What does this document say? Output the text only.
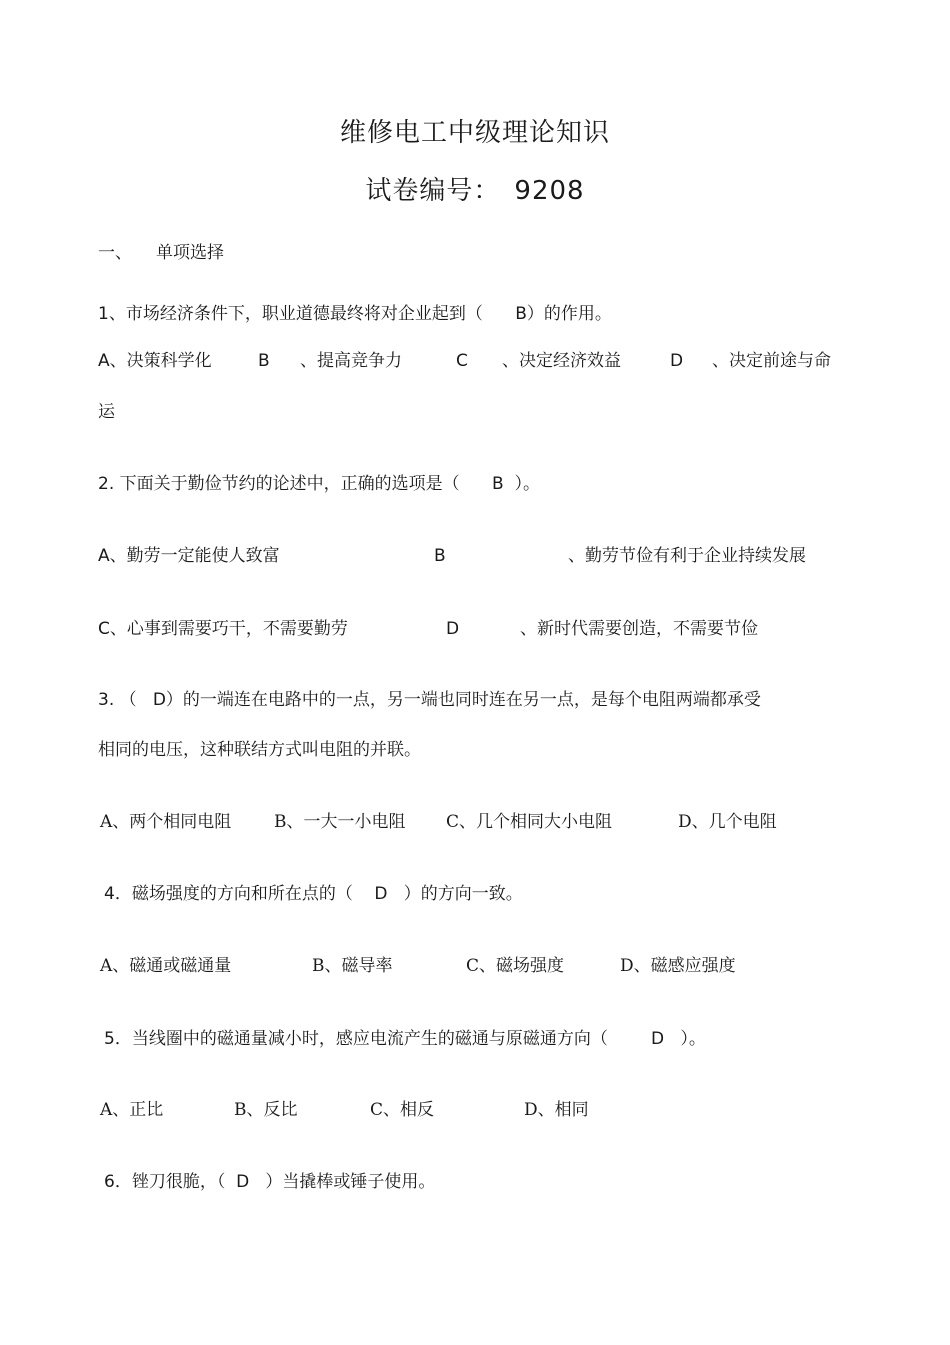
维修电工中级理论知识
试卷编号： 9208
一、 单项选择
1、市场经济条件下，职业道德最终将对企业起到（      B）的作用。
A、决策科学化	B 、提高竞争力	C 、决定经济效益	D 、决定前途与命
运
2. 下面关于勤俭节约的论述中，正确的选项是（      B  ）。
A、勤劳一定能使人致富	B	、勤劳节俭有利于企业持续发展
C、心事到需要巧干，不需要勤劳	D	、新时代需要创造，不需要节俭
3. （   D）的一端连在电路中的一点，另一端也同时连在另一点，是每个电阻两端都承受
相同的电压，这种联结方式叫电阻的并联。
A、两个相同电阻	B、一大一小电阻 C、几个相同大小电阻	D、几个电阻
4．磁场强度的方向和所在点的（    D   ）的方向一致。
A、磁通或磁通量	B、磁导率	C、磁场强度	D、磁感应强度
5．当线圈中的磁通量减小时，感应电流产生的磁通与原磁通方向（        D   ）。
A、正比	B、反比	C、相反	D、相同
6．锉刀很脆，（  D   ）当撬棒或锤子使用。
